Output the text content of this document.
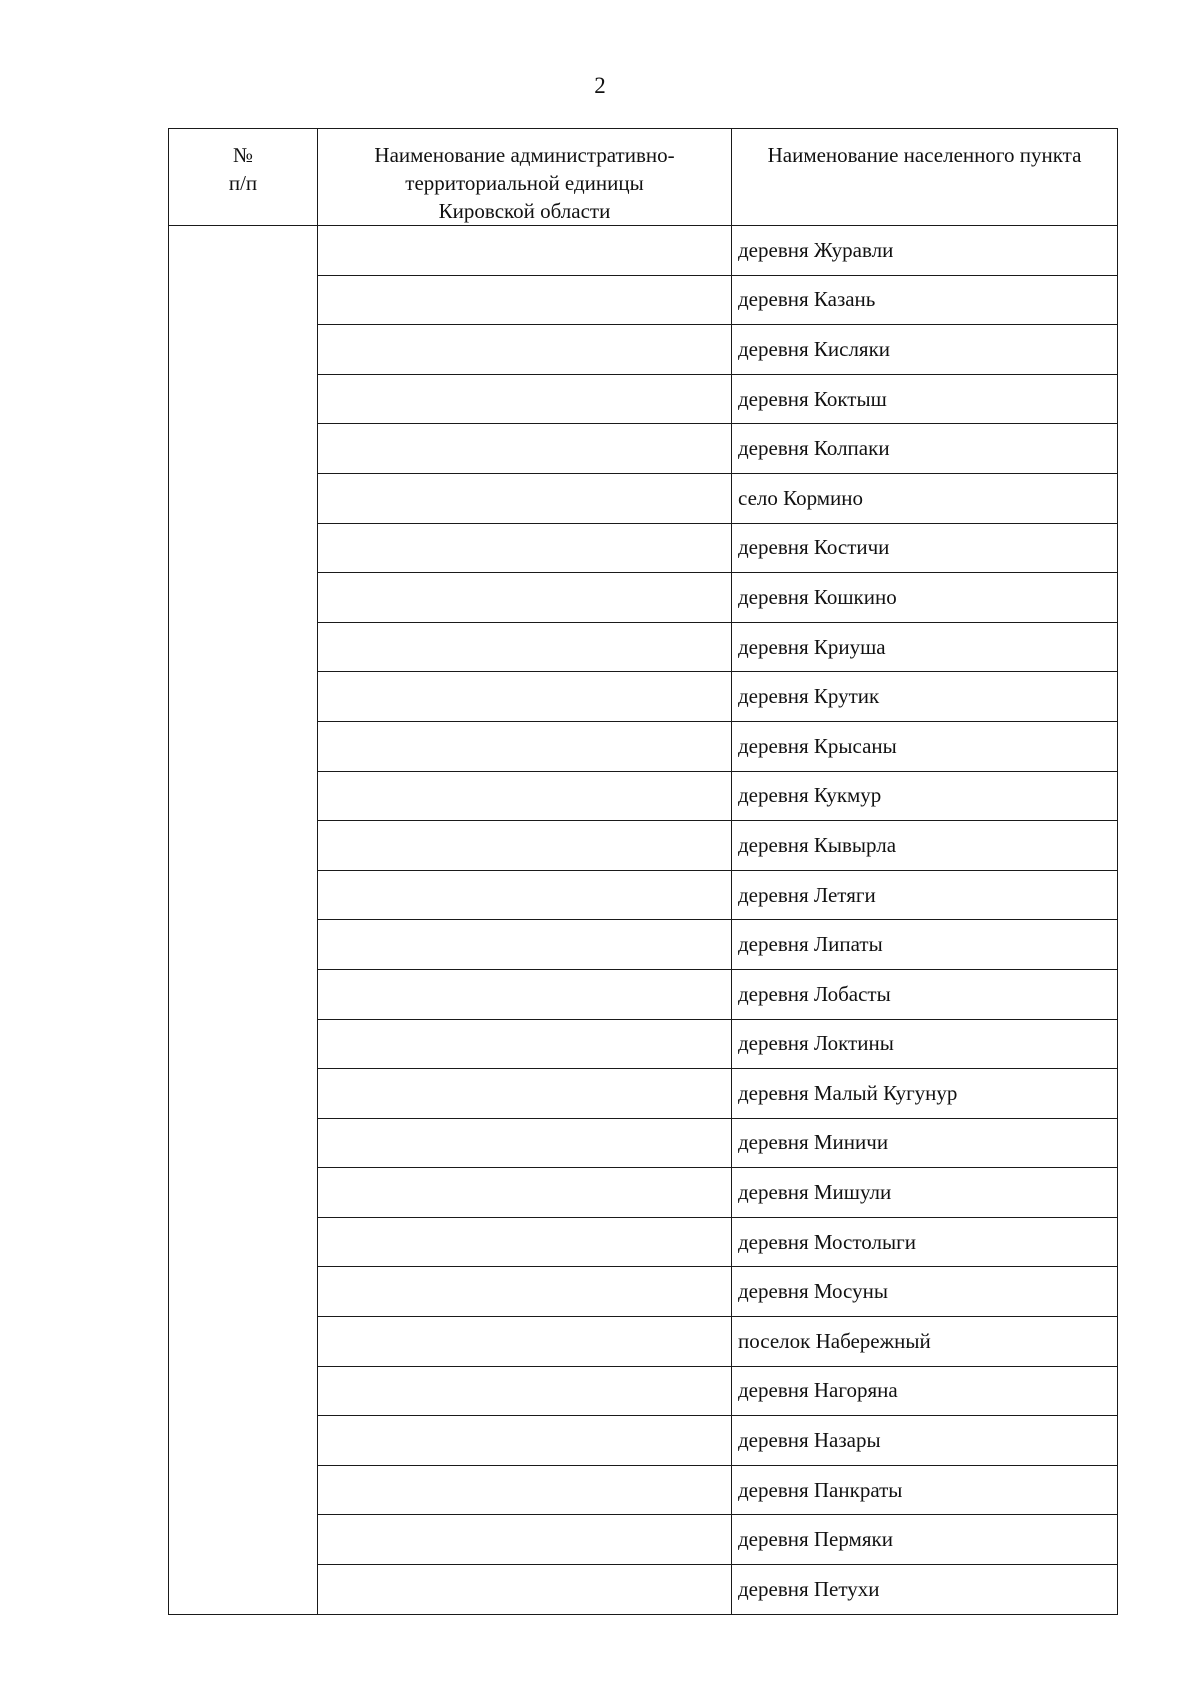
2
№
п/п	Наименование административно-территориальной единицы Кировской области	Наименование населенного пункта
		деревня Журавли
		деревня Казань
		деревня Кисляки
		деревня Коктыш
		деревня Колпаки
		село Кормино
		деревня Костичи
		деревня Кошкино
		деревня Криуша
		деревня Крутик
		деревня Крысаны
		деревня Кукмур
		деревня Кывырла
		деревня Летяги
		деревня Липаты
		деревня Лобасты
		деревня Локтины
		деревня Малый Кугунур
		деревня Миничи
		деревня Мишули
		деревня Мостолыги
		деревня Мосуны
		поселок Набережный
		деревня Нагоряна
		деревня Назары
		деревня Панкраты
		деревня Пермяки
		деревня Петухи
